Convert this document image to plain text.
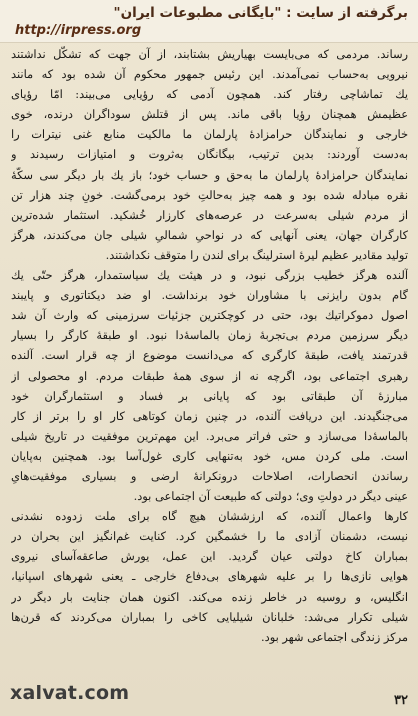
برگرفته از سایت : "بایگانی مطبوعات ایران"
http://irpress.org
رساند. مردمی که می‌بایست بهیاریش بشتابند، از آن جهت که تشکّل نداشتند
نیرویی به‌حساب نمی‌آمدند. این رئیس جمهور محکوم آن شده بود که مانند
یك تماشاچی رفتار کند. همچون آدمی که رؤیایی می‌بیند: امّا رؤیای
عظیمش همچنان رؤیا باقی ماند. پس از قتلش سوداگران درنده، خوی
خارجی و نمایندگان حرامزادهٔ پارلمان ما مالکیت منابع غنی نیترات را
به‌دست آوردند: بدین ترتیب، بیگانگان به‌ثروت و امتیازات رسیدند و
نمایندگان حرامزادهٔ پارلمان ما به‌حق و حساب خود؛ باز یك بار دیگر سی سکّهٔ
نقره مبادله شده بود و همه چیز به‌حالتِ خود برمی‌گشت. خونِ چند هزار تن
از مردم شیلی به‌سرعت در عرصه‌های کارزار خُشکید. استثمار شده‌ترین
کارگران جهان، یعنی آنهایی که در نواحیِ شمالیِ شیلی جان می‌کندند، هرگز
تولید مقادیر عظیم لیرهٔ استرلینگ برای لندن را متوقف نکداشتند.
آلنده هرگز خطیب بزرگی نبود، و در هیئت یك سیاستمدار، هرگز حتّی یك
گام بدون رایزنی با مشاوران خود برنداشت. او ضد دیکتاتوری و پایبند
اصول دموکراتیك بود، حتی در کوچکترین جزئیات سرزمینی که وارث آن شد
دیگر سرزمین مردم بی‌تجربهٔ زمان بالماسهٔ‌دا نبود. او طبقهٔ کارگر را بسیار
قدرتمند یافت، طبقهٔ کارگری که می‌دانست موضوع از چه قرار است. آلنده
رهبری اجتماعی بود، اگرچه نه از سوی همهٔ طبقات مردم. او محصولی از
مبارزهٔ آن طبقاتی بود که پایانی بر فساد و استثمارگران خود
می‌جنگیدند. این دریافت آلنده، در چنین زمان کوتاهی کار او را برتر از کار
بالماسهٔ‌دا می‌سازد و حتی فراتر می‌برد. این مهم‌ترین موفقیت در تاریخ شیلی
است. ملی کردن مس، خود به‌تنهایی کاری غول‌آسا بود. همچنین به‌پایان
رساندن انحصارات، اصلاحات درونکرانهٔ ارضی و بسیاری موفقیت‌هایِ
عینی دیگر در دولتِ وی؛ دولتی که طبیعت آن اجتماعی بود.
کارها واعمال آلنده، که ارزششان هیچ گاه برای ملت زدوده نشدنی
نیست، دشمنان آزادی ما را خشمگین کرد. کنایت غم‌انگیز این بحران در
بمباران کاخ دولتی عیان گردید. این عمل، یورش صاعقه‌آسای نیروی
هوایی نازی‌ها را بر علیه شهرهای بی‌دفاع خارجی ـ یعنی شهرهای اسپانیا،
انگلیس، و روسیه در خاطر زنده می‌کند. اکنون همان جنایت بار دیگر در
شیلی تکرار می‌شد: خلبانان شیلیایی کاخی را بمباران می‌کردند که قرن‌ها
مرکز زندگی اجتماعی شهر بود.
xalvat.com	۳۲
